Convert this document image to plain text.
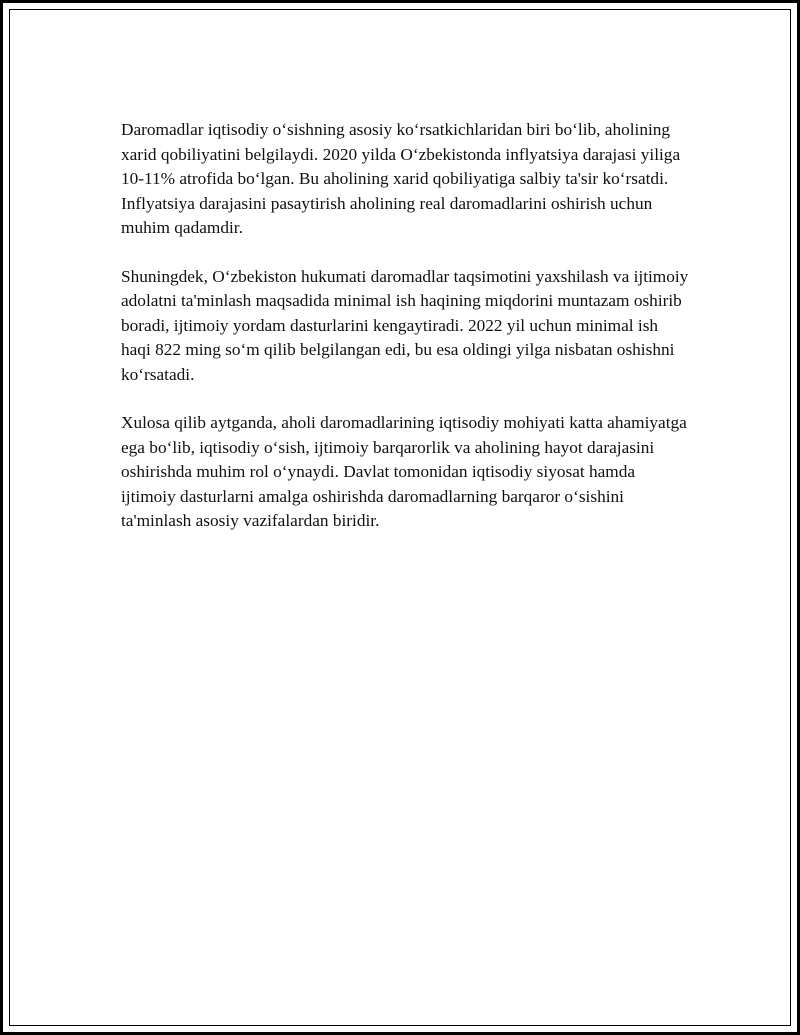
Daromadlar iqtisodiy oʻsishning asosiy koʻrsatkichlaridan biri boʻlib, aholining xarid qobiliyatini belgilaydi. 2020 yilda Oʻzbekistonda inflyatsiya darajasi yiliga 10-11% atrofida boʻlgan. Bu aholining xarid qobiliyatiga salbiy ta'sir koʻrsatdi. Inflyatsiya darajasini pasaytirish aholining real daromadlarini oshirish uchun muhim qadamdir.

Shuningdek, Oʻzbekiston hukumati daromadlar taqsimotini yaxshilash va ijtimoiy adolatni ta'minlash maqsadida minimal ish haqining miqdorini muntazam oshirib boradi, ijtimoiy yordam dasturlarini kengaytiradi. 2022 yil uchun minimal ish haqi 822 ming soʻm qilib belgilangan edi, bu esa oldingi yilga nisbatan oshishni koʻrsatadi.

Xulosa qilib aytganda, aholi daromadlarining iqtisodiy mohiyati katta ahamiyatga ega boʻlib, iqtisodiy oʻsish, ijtimoiy barqarorlik va aholining hayot darajasini oshirishda muhim rol oʻynaydi. Davlat tomonidan iqtisodiy siyosat hamda ijtimoiy dasturlarni amalga oshirishda daromadlarning barqaror oʻsishini ta'minlash asosiy vazifalardan biridir.
